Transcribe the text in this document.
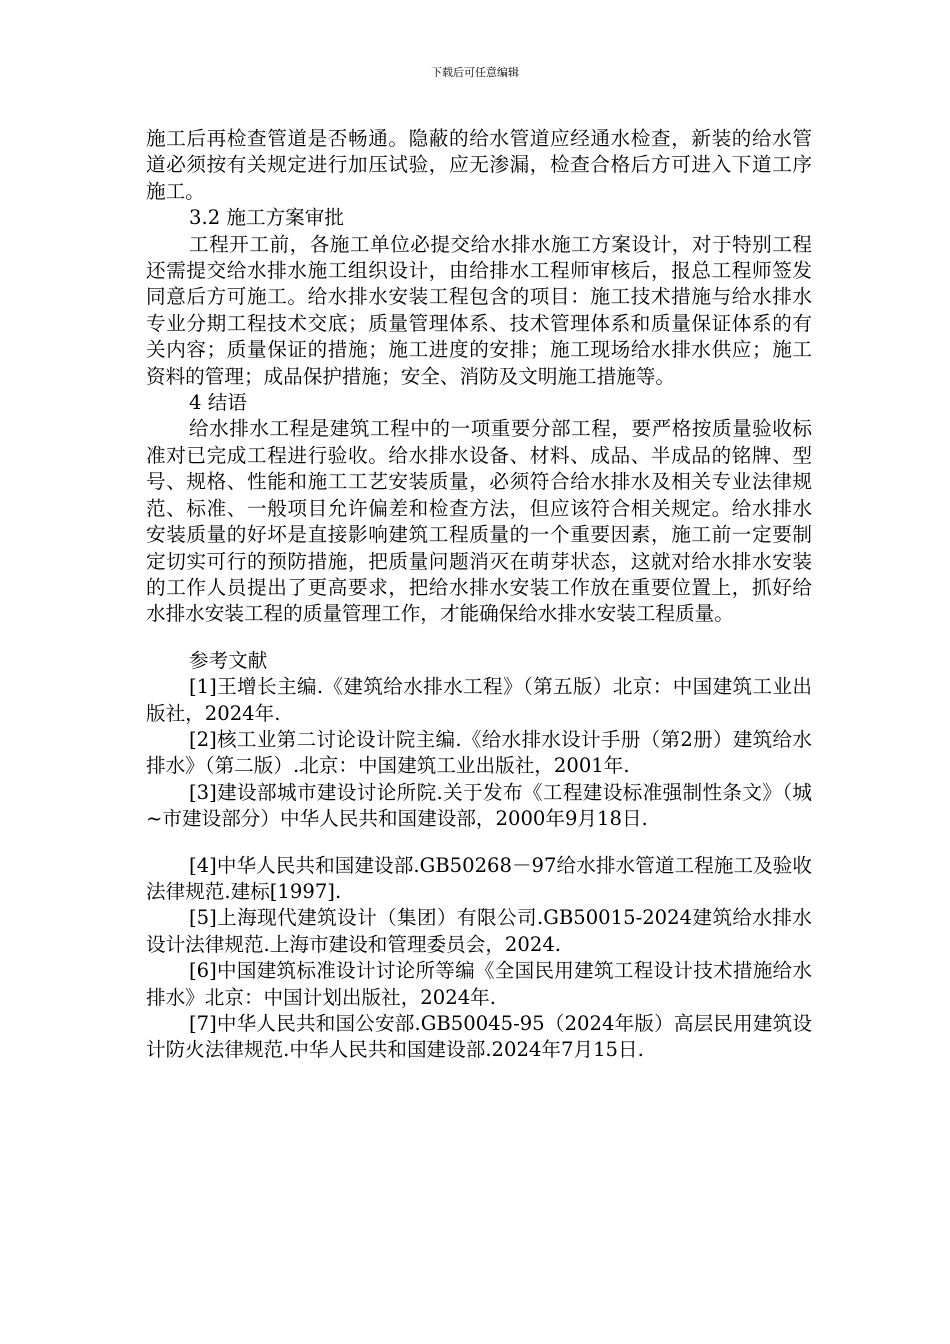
下载后可任意编辑

施工后再检查管道是否畅通。隐蔽的给水管道应经通水检查，新装的给水管道必须按有关规定进行加压试验，应无渗漏，检查合格后方可进入下道工序施工。

3.2 施工方案审批

工程开工前，各施工单位必提交给水排水施工方案设计，对于特别工程还需提交给水排水施工组织设计，由给排水工程师审核后，报总工程师签发同意后方可施工。给水排水安装工程包含的项目：施工技术措施与给水排水专业分期工程技术交底；质量管理体系、技术管理体系和质量保证体系的有关内容；质量保证的措施；施工进度的安排；施工现场给水排水供应；施工资料的管理；成品保护措施；安全、消防及文明施工措施等。

4 结语

给水排水工程是建筑工程中的一项重要分部工程，要严格按质量验收标准对已完成工程进行验收。给水排水设备、材料、成品、半成品的铭牌、型号、规格、性能和施工工艺安装质量，必须符合给水排水及相关专业法律规范、标准、一般项目允许偏差和检查方法，但应该符合相关规定。给水排水安装质量的好坏是直接影响建筑工程质量的一个重要因素，施工前一定要制定切实可行的预防措施，把质量问题消灭在萌芽状态，这就对给水排水安装的工作人员提出了更高要求，把给水排水安装工作放在重要位置上，抓好给水排水安装工程的质量管理工作，才能确保给水排水安装工程质量。

参考文献

[1]王增长主编.《建筑给水排水工程》（第五版）北京：中国建筑工业出版社，2024年.

[2]核工业第二讨论设计院主编.《给水排水设计手册（第2册）建筑给水排水》（第二版）.北京：中国建筑工业出版社，2001年.

[3]建设部城市建设讨论所院.关于发布《工程建设标准强制性条文》（城~市建设部分）中华人民共和国建设部，2000年9月18日.

[4]中华人民共和国建设部.GB50268－97给水排水管道工程施工及验收法律规范.建标[1997].

[5]上海现代建筑设计（集团）有限公司.GB50015-2024建筑给水排水设计法律规范.上海市建设和管理委员会，2024.

[6]中国建筑标准设计讨论所等编《全国民用建筑工程设计技术措施给水排水》北京：中国计划出版社，2024年.

[7]中华人民共和国公安部.GB50045-95（2024年版）高层民用建筑设计防火法律规范.中华人民共和国建设部.2024年7月15日.
